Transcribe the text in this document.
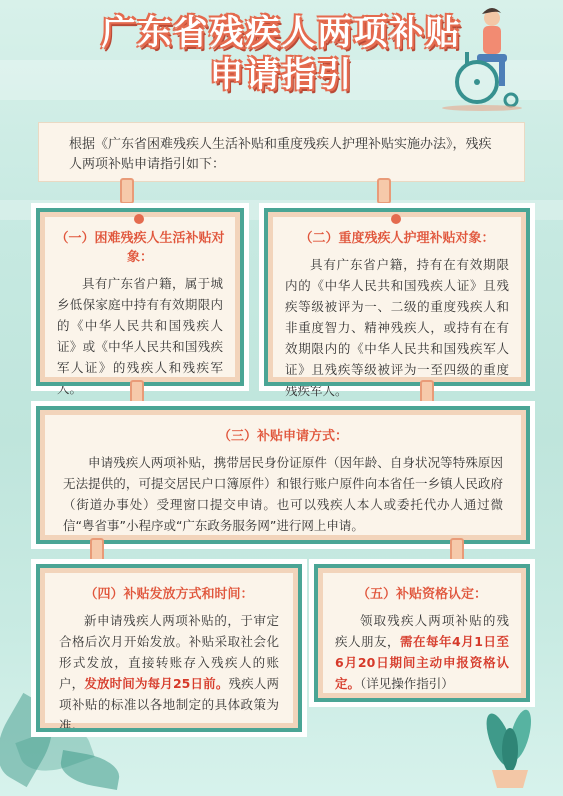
广东省残疾人两项补贴
申请指引

根据《广东省困难残疾人生活补贴和重度残疾人护理补贴实施办法》，残疾人两项补贴申请指引如下：

（一）困难残疾人生活补贴对象：
具有广东省户籍，属于城乡低保家庭中持有有效期限内的《中华人民共和国残疾人证》或《中华人民共和国残疾军人证》的残疾人和残疾军人。
（二）重度残疾人护理补贴对象：
具有广东省户籍，持有在有效期限内的《中华人民共和国残疾人证》且残疾等级被评为一、二级的重度残疾人和非重度智力、精神残疾人，或持有在有效期限内的《中华人民共和国残疾军人证》且残疾等级被评为一至四级的重度残疾军人。
（三）补贴申请方式：
申请残疾人两项补贴，携带居民身份证原件（因年龄、自身状况等特殊原因无法提供的，可提交居民户口簿原件）和银行账户原件向本省任一乡镇人民政府（街道办事处）受理窗口提交申请。也可以残疾人本人或委托代办人通过微信“粤省事”小程序或“广东政务服务网”进行网上申请。
（四）补贴发放方式和时间：
新申请残疾人两项补贴的，于审定合格后次月开始发放。补贴采取社会化形式发放，直接转账存入残疾人的账户，发放时间为每月25日前。残疾人两项补贴的标准以各地制定的具体政策为准。
（五）补贴资格认定：
领取残疾人两项补贴的残疾人朋友，需在每年4月1日至6月20日期间主动申报资格认定。（详见操作指引）
